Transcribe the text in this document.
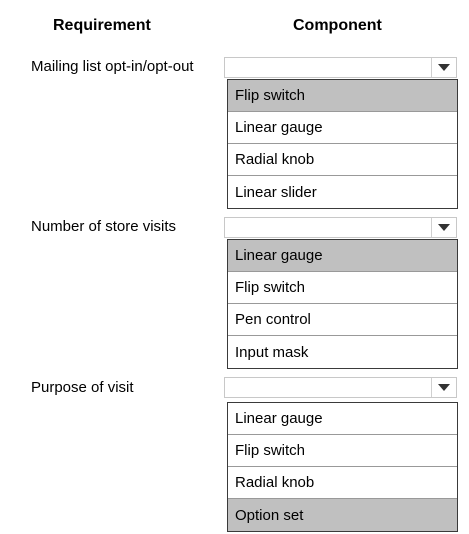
Requirement	Component
Mailing list opt-in/opt-out
Flip switch
Linear gauge
Radial knob
Linear slider
Number of store visits
Linear gauge
Flip switch
Pen control
Input mask
Purpose of visit
Linear gauge
Flip switch
Radial knob
Option set
